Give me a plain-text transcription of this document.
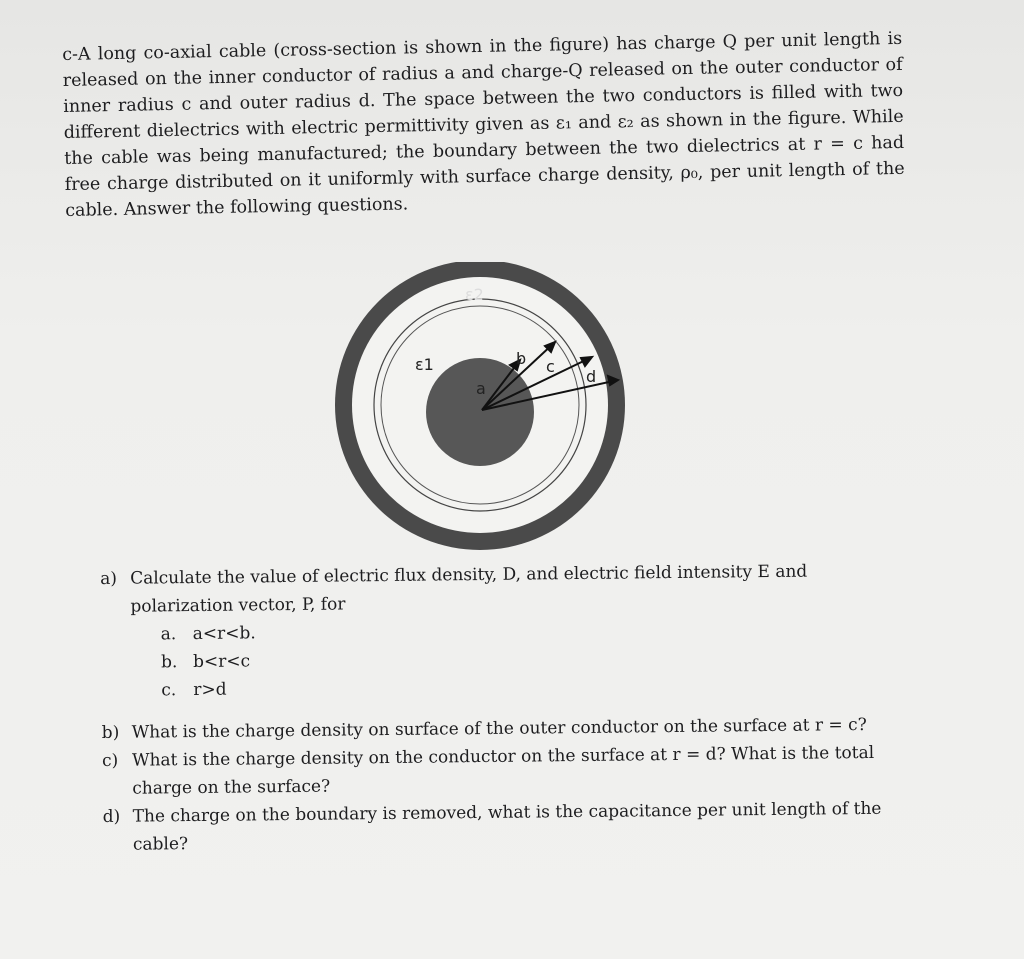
c-A long co-axial cable (cross-section is shown in the figure) has charge Q per unit length is released on the inner conductor of radius a and charge-Q released on the outer conductor of inner radius c and outer radius d. The space between the two conductors is filled with two different dielectrics with electric permittivity given as ε₁ and ε₂ as shown in the figure. While the cable was being manufactured; the boundary between the two dielectrics at r = c had free charge distributed on it uniformly with surface charge density, ρ₀, per unit length of the cable. Answer the following questions.

ε2
ε1
a
b c
d
a) Calculate the value of electric flux density, D, and electric field intensity E and polarization vector, P, for
a. a<r<b.
b. b<r<c
c. r>d
b) What is the charge density on surface of the outer conductor on the surface at r = c?
c) What is the charge density on the conductor on the surface at r = d? What is the total charge on the surface?
d) The charge on the boundary is removed, what is the capacitance per unit length of the cable?
